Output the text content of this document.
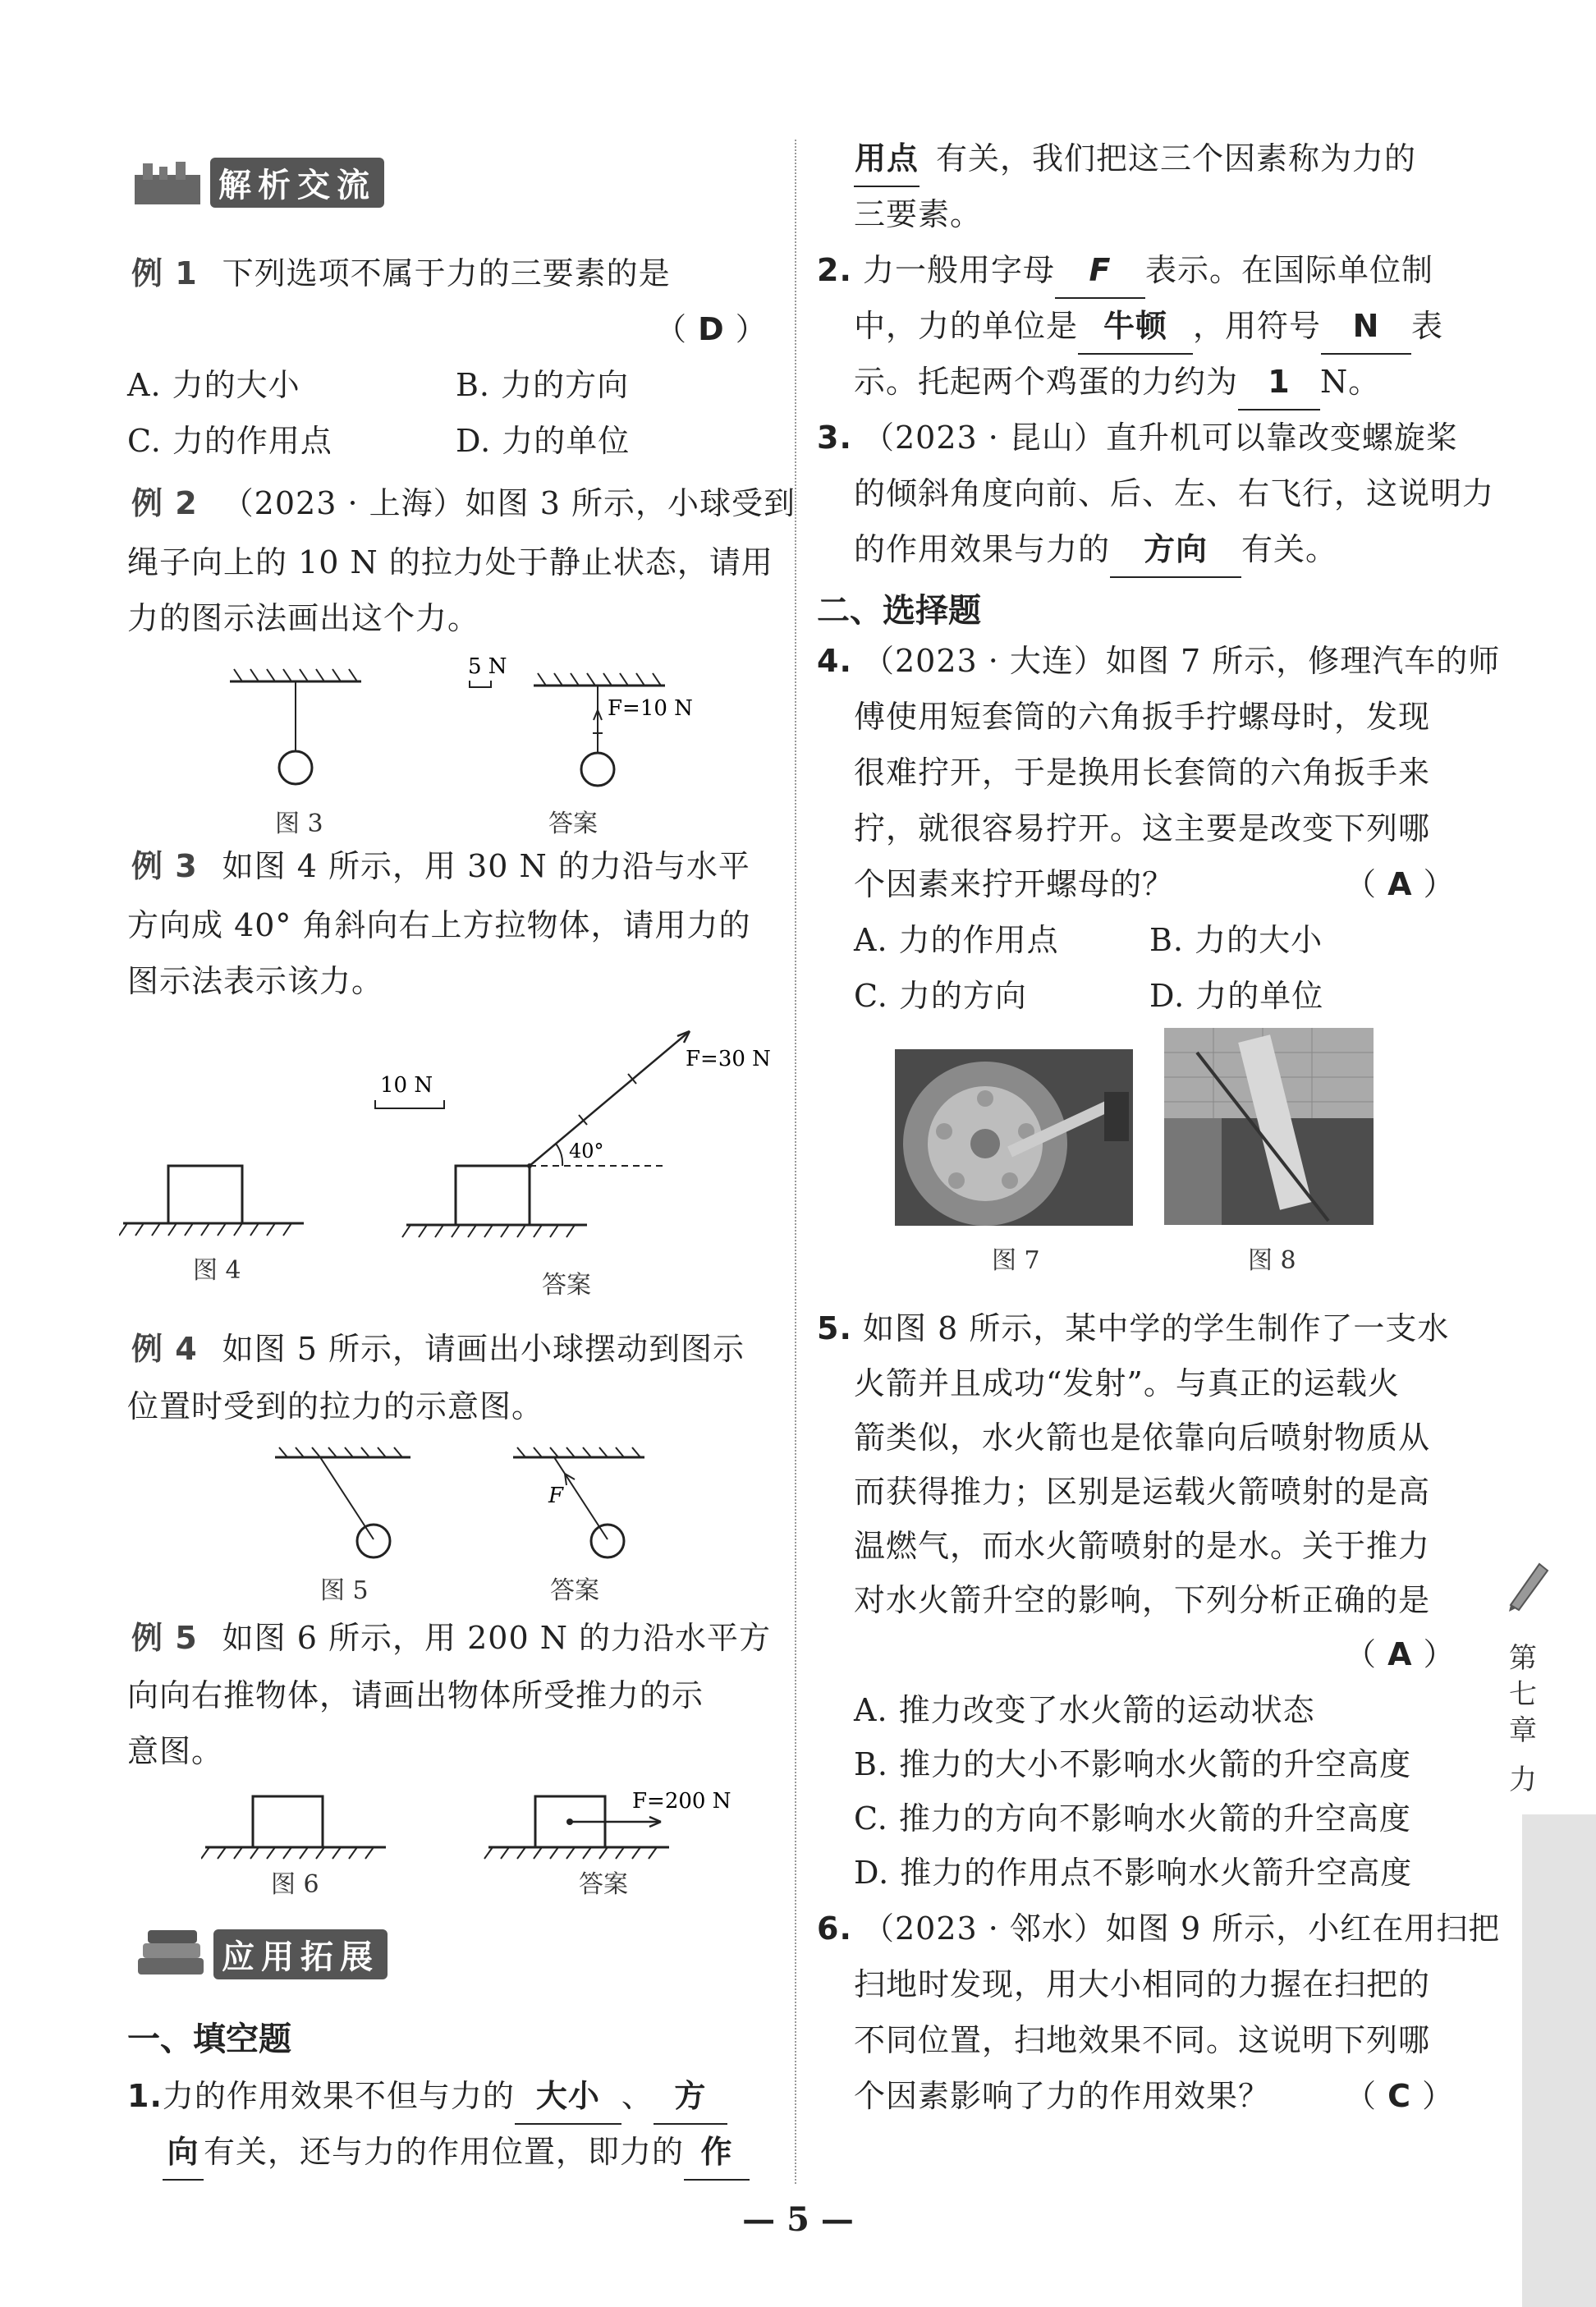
解析交流
例 1 下列选项不属于力的三要素的是
（ D ）
A. 力的大小	B. 力的方向
C. 力的作用点	D. 力的单位
例 2 （2023 · 上海）如图 3 所示，小球受到
绳子向上的 10 N 的拉力处于静止状态，请用
力的图示法画出这个力。
5 N
F=10 N
图 3	答案
例 3 如图 4 所示，用 30 N 的力沿与水平
方向成 40° 角斜向右上方拉物体，请用力的
图示法表示该力。
10 N
40°
F=30 N
图 4
答案
例 4 如图 5 所示，请画出小球摆动到图示
位置时受到的拉力的示意图。
F
图 5	答案
例 5 如图 6 所示，用 200 N 的力沿水平方
向向右推物体，请画出物体所受推力的示
意图。
F=200 N
图 6	答案
应用拓展
一、填空题
1.力的作用效果不但与力的 大小 、 方
向 有关，还与力的作用位置，即力的 作
用点 有关，我们把这三个因素称为力的
三要素。
2. 力一般用字母 F 表示。在国际单位制
中，力的单位是 牛顿 ，用符号 N 表
示。托起两个鸡蛋的力约为 1 N。
3. （2023 · 昆山）直升机可以靠改变螺旋桨
的倾斜角度向前、后、左、右飞行，这说明力
的作用效果与力的 方向 有关。
二、选择题
4. （2023 · 大连）如图 7 所示，修理汽车的师
傅使用短套筒的六角扳手拧螺母时，发现
很难拧开，于是换用长套筒的六角扳手来
拧，就很容易拧开。这主要是改变下列哪
个因素来拧开螺母的？	（ A ）
A. 力的作用点	B. 力的大小
C. 力的方向	D. 力的单位
图 7	图 8
5. 如图 8 所示，某中学的学生制作了一支水
火箭并且成功“发射”。与真正的运载火
箭类似，水火箭也是依靠向后喷射物质从
而获得推力；区别是运载火箭喷射的是高
温燃气，而水火箭喷射的是水。关于推力
对水火箭升空的影响，下列分析正确的是
（ A ）
A. 推力改变了水火箭的运动状态
B. 推力的大小不影响水火箭的升空高度
C. 推力的方向不影响水火箭的升空高度
D. 推力的作用点不影响水火箭升空高度
6. （2023 · 邻水）如图 9 所示，小红在用扫把
扫地时发现，用大小相同的力握在扫把的
不同位置，扫地效果不同。这说明下列哪
个因素影响了力的作用效果？ （ C ）
第
七
章
力
— 5 —
